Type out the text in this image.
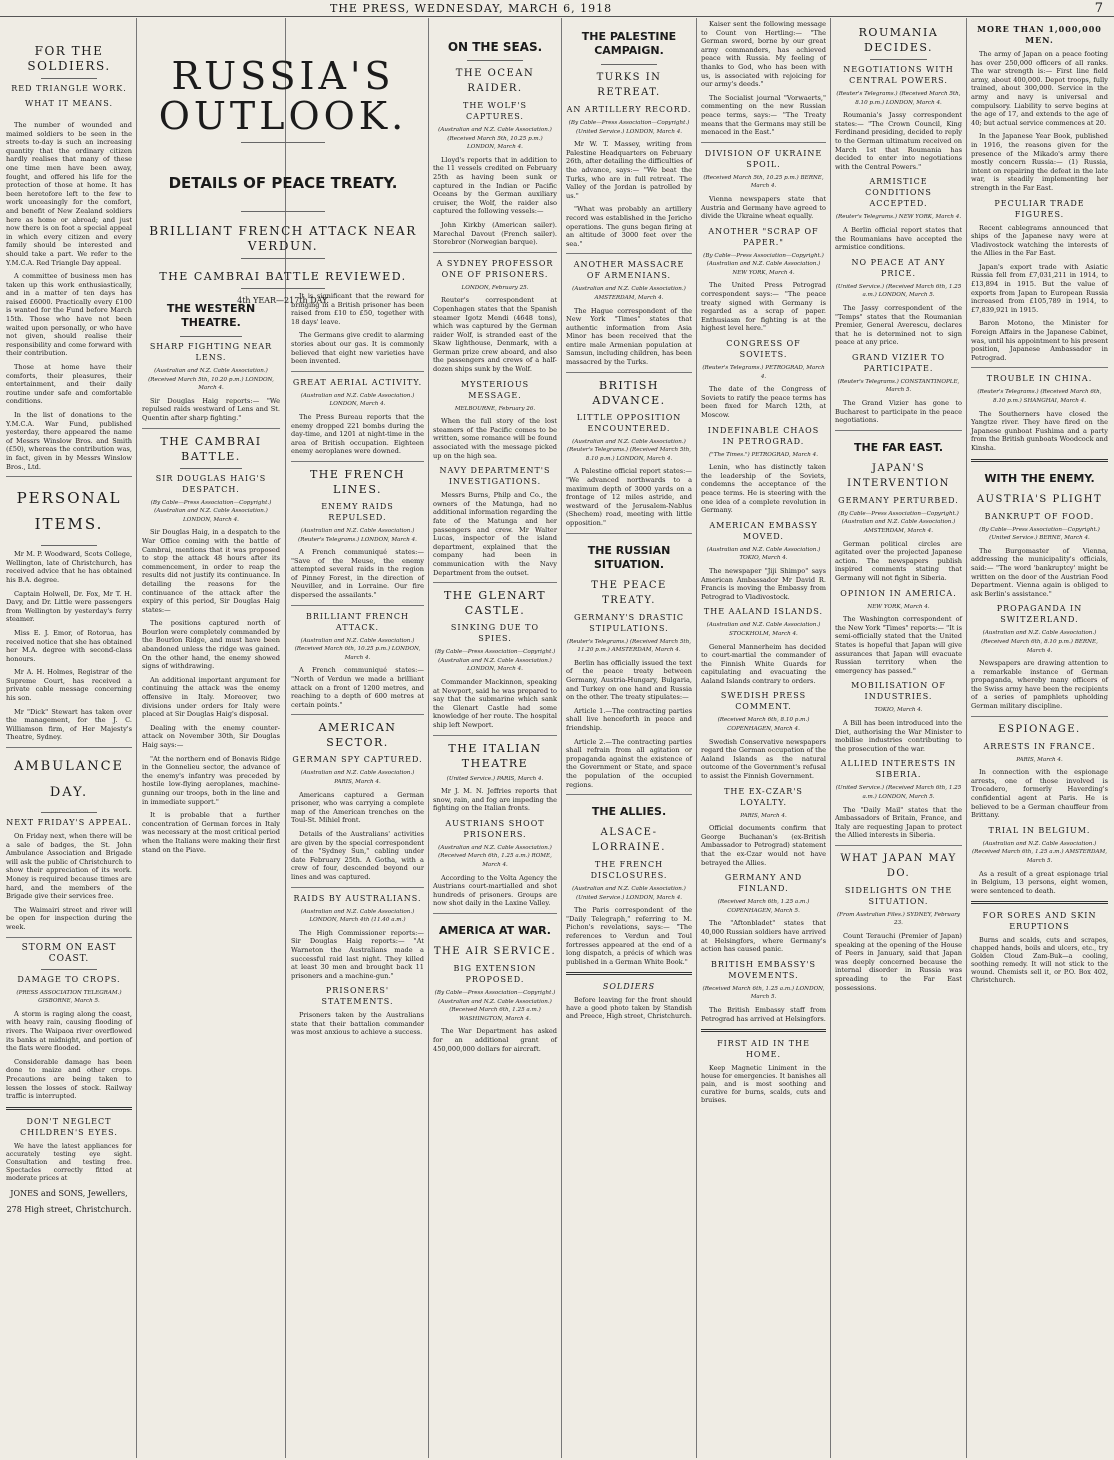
THE PRESS, WEDNESDAY, MARCH 6, 1918	7
FOR THE SOLDIERS.
RED TRIANGLE WORK.
WHAT IT MEANS.

The number of wounded and maimed soldiers to be seen in the streets to-day is such an increasing quantity that the ordinary citizen hardly realises that many of these one time men have been away, fought, and offered his life for the protection of those at home. It has been heretofore left to the few to work unceasingly for the comfort, and benefit of New Zealand soldiers here as home or abroad; and just now there is on foot a special appeal in which every citizen and every family should be interested and should take a part. We refer to the Y.M.C.A. Red Triangle Day appeal.

A committee of business men has taken up this work enthusiastically, and in a matter of ten days has raised £6000. Practically every £100 is wanted for the Fund before March 15th. Those who have not been waited upon personally, or who have not given, should realise their responsibility and come forward with their contribution.

Those at home have their comforts, their pleasures, their entertainment, and their daily routine under safe and comfortable conditions.

In the list of donations to the Y.M.C.A. War Fund, published yesterday, there appeared the name of Messrs Winslow Bros. and Smith (£50), whereas the contribution was, in fact, given in by Messrs Winslow Bros., Ltd.

PERSONAL ITEMS.

Mr M. P. Woodward, Scots College, Wellington, late of Christchurch, has received advice that he has obtained his B.A. degree.

Captain Holwell, Dr. Fox, Mr T. H. Davy, and Dr. Little were passengers from Wellington by yesterday's ferry steamer.

Miss E. J. Emor, of Rotorua, has received notice that she has obtained her M.A. degree with second-class honours.

Mr A. H. Holmes, Registrar of the Supreme Court, has received a private cable message concerning his son.

Mr "Dick" Stewart has taken over the management, for the J. C. Williamson firm, of Her Majesty's Theatre, Sydney.

AMBULANCE DAY.
NEXT FRIDAY'S APPEAL.

On Friday next, when there will be a sale of badges, the St. John Ambulance Association and Brigade will ask the public of Christchurch to show their appreciation of its work. Money is required because times are hard, and the members of the Brigade give their services free.

The Waimairi street and river will be open for inspection during the week.

STORM ON EAST COAST.
DAMAGE TO CROPS.
(PRESS ASSOCIATION TELEGRAM.) GISBORNE, March 5.

A storm is raging along the coast, with heavy rain, causing flooding of rivers. The Waipaoa river overflowed its banks at midnight, and portion of the flats were flooded.

Considerable damage has been done to maize and other crops. Precautions are being taken to lessen the losses of stock. Railway traffic is interrupted.

DON'T NEGLECT CHILDREN'S EYES.

We have the latest appliances for accurately testing eye sight. Consultation and testing free. Spectacles correctly fitted at moderate prices at

JONES and SONS, Jewellers,
278 High street, Christchurch.
RUSSIA'S OUTLOOK.
DETAILS OF PEACE TREATY.
BRILLIANT FRENCH ATTACK NEAR VERDUN.
THE CAMBRAI BATTLE REVIEWED.
4th YEAR—217th DAY.
THE WESTERN THEATRE.
SHARP FIGHTING NEAR LENS.
(Australian and N.Z. Cable Association.) (Received March 5th, 10.20 p.m.) LONDON, March 4.

Sir Douglas Haig reports:— "We repulsed raids westward of Lens and St. Quentin after sharp fighting."

THE CAMBRAI BATTLE.
SIR DOUGLAS HAIG'S DESPATCH.
(By Cable—Press Association—Copyright.) (Australian and N.Z. Cable Association.) LONDON, March 4.

Sir Douglas Haig, in a despatch to the War Office coming with the battle of Cambrai, mentions that it was proposed to stop the attack 48 hours after its commencement, in order to reap the results did not justify its continuance. In detailing the reasons for the continuance of the attack after the expiry of this period, Sir Douglas Haig states:—

The positions captured north of Bourlon were completely commanded by the Bourlon Ridge, and must have been abandoned unless the ridge was gained. On the other hand, the enemy showed signs of withdrawing.

An additional important argument for continuing the attack was the enemy offensive in Italy. Moreover, two divisions under orders for Italy were placed at Sir Douglas Haig's disposal.

Dealing with the enemy counter-attack on November 30th, Sir Douglas Haig says:—

"At the northern end of Bonavis Ridge in the Gonnelieu sector, the advance of the enemy's infantry was preceded by hostile low-flying aeroplanes, machine-gunning our troops, both in the line and in immediate support."

It is probable that a further concentration of German forces in Italy was necessary at the most critical period when the Italians were making their first stand on the Piave.

It is significant that the reward for bringing in a British prisoner has been raised from £10 to £50, together with 18 days' leave.

The Germans give credit to alarming stories about our gas. It is commonly believed that eight new varieties have been invented.

GREAT AERIAL ACTIVITY.
(Australian and N.Z. Cable Association.) LONDON, March 4.

The Press Bureau reports that the enemy dropped 221 bombs during the day-time, and 1201 at night-time in the area of British occupation. Eighteen enemy aeroplanes were downed.

THE FRENCH LINES.
ENEMY RAIDS REPULSED.
(Australian and N.Z. Cable Association.) (Reuter's Telegrams.) LONDON, March 4.

A French communiqué states:— "Save of the Meuse, the enemy attempted several raids in the region of Pinney Forest, in the direction of Neuviller, and in Lorraine. Our fire dispersed the assailants."

BRILLIANT FRENCH ATTACK.
(Australian and N.Z. Cable Association.) (Received March 6th, 10.25 p.m.) LONDON, March 4.

A French communiqué states:— "North of Verdun we made a brilliant attack on a front of 1200 metres, and reaching to a depth of 600 metres at certain points."

AMERICAN SECTOR.
GERMAN SPY CAPTURED.
(Australian and N.Z. Cable Association.) PARIS, March 4.

Americans captured a German prisoner, who was carrying a complete map of the American trenches on the Toul-St. Mihiel front.

Details of the Australians' activities are given by the special correspondent of the "Sydney Sun," cabling under date February 25th. A Gotha, with a crew of four, descended beyond our lines and was captured.

RAIDS BY AUSTRALIANS.
(Australian and N.Z. Cable Association.) LONDON, March 4th (11.40 a.m.)

The High Commissioner reports:— Sir Douglas Haig reports:— "At Warneton the Australians made a successful raid last night. They killed at least 30 men and brought back 11 prisoners and a machine-gun."

PRISONERS' STATEMENTS.

Prisoners taken by the Australians state that their battalion commander was most anxious to achieve a success.

ON THE SEAS.
THE OCEAN RAIDER.
THE WOLF'S CAPTURES.
(Australian and N.Z. Cable Association.) (Received March 5th, 10.25 p.m.) LONDON, March 4.

Lloyd's reports that in addition to the 11 vessels credited on February 25th as having been sunk or captured in the Indian or Pacific Oceans by the German auxiliary cruiser, the Wolf, the raider also captured the following vessels:—

John Kirkby (American sailer). Marechal Davout (French sailer). Storebror (Norwegian barque).

A SYDNEY PROFESSOR ONE OF PRISONERS.
LONDON, February 25.

Reuter's correspondent at Copenhagen states that the Spanish steamer Igotz Mendi (4648 tons), which was captured by the German raider Wolf, is stranded east of the Skaw lighthouse, Denmark, with a German prize crew aboard, and also the passengers and crews of a half-dozen ships sunk by the Wolf.

MYSTERIOUS MESSAGE.
MELBOURNE, February 26.

When the full story of the lost steamers of the Pacific comes to be written, some romance will be found associated with the message picked up on the high sea.

NAVY DEPARTMENT'S INVESTIGATIONS.

Messrs Burns, Philp and Co., the owners of the Matunga, had no additional information regarding the fate of the Matunga and her passengers and crew. Mr Walter Lucas, inspector of the island department, explained that the company had been in communication with the Navy Department from the outset.

THE GLENART CASTLE.
SINKING DUE TO SPIES.
(By Cable—Press Association—Copyright.) (Australian and N.Z. Cable Association.) LONDON, March 4.

Commander Mackinnon, speaking at Newport, said he was prepared to say that the submarine which sank the Glenart Castle had some knowledge of her route. The hospital ship left Newport.

THE ITALIAN THEATRE
(United Service.) PARIS, March 4.

Mr J. M. N. Jeffries reports that snow, rain, and fog are impeding the fighting on the Italian fronts.

AUSTRIANS SHOOT PRISONERS.
(Australian and N.Z. Cable Association.) (Received March 6th, 1.25 a.m.) ROME, March 4.

According to the Volta Agency the Austrians court-martialled and shot hundreds of prisoners. Groups are now shot daily in the Laxine Valley.

AMERICA AT WAR.
THE AIR SERVICE.
BIG EXTENSION PROPOSED.
(By Cable—Press Association—Copyright.) (Australian and N.Z. Cable Association.) (Received March 6th, 1.25 a.m.) WASHINGTON, March 4.

The War Department has asked for an additional grant of 450,000,000 dollars for aircraft.

THE PALESTINE CAMPAIGN.
TURKS IN RETREAT.
AN ARTILLERY RECORD.
(By Cable—Press Association—Copyright.) (United Service.) LONDON, March 4.

Mr W. T. Massey, writing from Palestine Headquarters on February 26th, after detailing the difficulties of the advance, says:— "We beat the Turks, who are in full retreat. The Valley of the Jordan is patrolled by us."

"What was probably an artillery record was established in the Jericho operations. The guns began firing at an altitude of 3000 feet over the sea."

ANOTHER MASSACRE OF ARMENIANS.
(Australian and N.Z. Cable Association.) AMSTERDAM, March 4.

The Hague correspondent of the New York "Times" states that authentic information from Asia Minor has been received that the entire male Armenian population at Samsun, including children, has been massacred by the Turks.

BRITISH ADVANCE.
LITTLE OPPOSITION ENCOUNTERED.
(Australian and N.Z. Cable Association.) (Reuter's Telegrams.) (Received March 5th, 8.10 p.m.) LONDON, March 4.

A Palestine official report states:— "We advanced northwards to a maximum depth of 3000 yards on a frontage of 12 miles astride, and westward of the Jerusalem-Nablus (Shechem) road, meeting with little opposition."

THE RUSSIAN SITUATION.
THE PEACE TREATY.
GERMANY'S DRASTIC STIPULATIONS.
(Reuter's Telegrams.) (Received March 5th, 11.20 p.m.) AMSTERDAM, March 4.

Berlin has officially issued the text of the peace treaty between Germany, Austria-Hungary, Bulgaria, and Turkey on one hand and Russia on the other. The treaty stipulates:—

Article 1.—The contracting parties shall live henceforth in peace and friendship.

Article 2.—The contracting parties shall refrain from all agitation or propaganda against the existence of the Government or State, and space the population of the occupied regions.

THE ALLIES.
ALSACE-LORRAINE.
THE FRENCH DISCLOSURES.
(Australian and N.Z. Cable Association.) (United Service.) LONDON, March 4.

The Paris correspondent of the "Daily Telegraph," referring to M. Pichon's revelations, says:— "The references to Verdun and Toul fortresses appeared at the end of a long dispatch, a précis of which was published in a German White Book."

SOLDIERS

Before leaving for the front should have a good photo taken by Standish and Preece, High street, Christchurch.

Kaiser sent the following message to Count von Hertling:— "The German sword, borne by our great army commanders, has achieved peace with Russia. My feeling of thanks to God, who has been with us, is associated with rejoicing for our army's deeds."

The Socialist journal "Vorwaerts," commenting on the new Russian peace terms, says:— "The Treaty means that the Germans may still be menaced in the East."

DIVISION OF UKRAINE SPOIL.
(Received March 5th, 10.25 p.m.) BERNE, March 4.

Vienna newspapers state that Austria and Germany have agreed to divide the Ukraine wheat equally.

ANOTHER "SCRAP OF PAPER."
(By Cable—Press Association—Copyright.) (Australian and N.Z. Cable Association.) NEW YORK, March 4.

The United Press Petrograd correspondent says:— "The peace treaty signed with Germany is regarded as a scrap of paper. Enthusiasm for fighting is at the highest level here."

CONGRESS OF SOVIETS.
(Reuter's Telegrams.) PETROGRAD, March 4.

The date of the Congress of Soviets to ratify the peace terms has been fixed for March 12th, at Moscow.

INDEFINABLE CHAOS IN PETROGRAD.
("The Times.") PETROGRAD, March 4.

Lenin, who has distinctly taken the leadership of the Soviets, condemns the acceptance of the peace terms. He is steering with the one idea of a complete revolution in Germany.

AMERICAN EMBASSY MOVED.
(Australian and N.Z. Cable Association.) TOKIO, March 4.

The newspaper "Jiji Shimpo" says American Ambassador Mr David R. Francis is moving the Embassy from Petrograd to Vladivostock.

THE AALAND ISLANDS.
(Australian and N.Z. Cable Association.) STOCKHOLM, March 4.

General Mannerheim has decided to court-martial the commander of the Finnish White Guards for capitulating and evacuating the Aaland Islands contrary to orders.

SWEDISH PRESS COMMENT.
(Received March 6th, 8.10 p.m.) COPENHAGEN, March 4.

Swedish Conservative newspapers regard the German occupation of the Aaland Islands as the natural outcome of the Government's refusal to assist the Finnish Government.

THE EX-CZAR'S LOYALTY.
PARIS, March 4.

Official documents confirm that George Buchanan's (ex-British Ambassador to Petrograd) statement that the ex-Czar would not have betrayed the Allies.

GERMANY AND FINLAND.
(Received March 6th, 1.25 a.m.) COPENHAGEN, March 5.

The "Aftonbladet" states that 40,000 Russian soldiers have arrived at Helsingfors, where Germany's action has caused panic.

BRITISH EMBASSY'S MOVEMENTS.
(Received March 6th, 1.25 a.m.) LONDON, March 5.

The British Embassy staff from Petrograd has arrived at Helsingfors.

FIRST AID IN THE HOME.

Keep Magnetic Liniment in the house for emergencies. It banishes all pain, and is most soothing and curative for burns, scalds, cuts and bruises.

ROUMANIA DECIDES.
NEGOTIATIONS WITH CENTRAL POWERS.
(Reuter's Telegrams.) (Received March 5th, 8.10 p.m.) LONDON, March 4.

Roumania's Jassy correspondent states:— "The Crown Council, King Ferdinand presiding, decided to reply to the German ultimatum received on March 1st that Roumania has decided to enter into negotiations with the Central Powers."

ARMISTICE CONDITIONS ACCEPTED.
(Reuter's Telegrams.) NEW YORK, March 4.

A Berlin official report states that the Roumanians have accepted the armistice conditions.

NO PEACE AT ANY PRICE.
(United Service.) (Received March 6th, 1.25 a.m.) LONDON, March 5.

The Jassy correspondent of the "Temps" states that the Roumanian Premier, General Averescu, declares that he is determined not to sign peace at any price.

GRAND VIZIER TO PARTICIPATE.
(Reuter's Telegrams.) CONSTANTINOPLE, March 5.

The Grand Vizier has gone to Bucharest to participate in the peace negotiations.

THE FAR EAST.
JAPAN'S INTERVENTION
GERMANY PERTURBED.
(By Cable—Press Association—Copyright.) (Australian and N.Z. Cable Association.) AMSTERDAM, March 4.

German political circles are agitated over the projected Japanese action. The newspapers publish inspired comments stating that Germany will not fight in Siberia.

OPINION IN AMERICA.
NEW YORK, March 4.

The Washington correspondent of the New York "Times" reports:— "It is semi-officially stated that the United States is hopeful that Japan will give assurances that Japan will evacuate Russian territory when the emergency has passed."

MOBILISATION OF INDUSTRIES.
TOKIO, March 4.

A Bill has been introduced into the Diet, authorising the War Minister to mobilise industries contributing to the prosecution of the war.

ALLIED INTERESTS IN SIBERIA.
(United Service.) (Received March 6th, 1.25 a.m.) LONDON, March 5.

The "Daily Mail" states that the Ambassadors of Britain, France, and Italy are requesting Japan to protect the Allied interests in Siberia.

WHAT JAPAN MAY DO.
SIDELIGHTS ON THE SITUATION.
(From Australian Files.) SYDNEY, February 23.

Count Terauchi (Premier of Japan) speaking at the opening of the House of Peers in January, said that Japan was deeply concerned because the internal disorder in Russia was spreading to the Far East possessions.

MORE THAN 1,000,000 MEN.

The army of Japan on a peace footing has over 250,000 officers of all ranks. The war strength is:— First line field army, about 400,000. Depot troops, fully trained, about 300,000. Service in the army and navy is universal and compulsory. Liability to serve begins at the age of 17, and extends to the age of 40; but actual service commences at 20.

In the Japanese Year Book, published in 1916, the reasons given for the presence of the Mikado's army there mostly concern Russia:— (1) Russia, intent on repairing the defeat in the late war, is steadily implementing her strength in the Far East.

PECULIAR TRADE FIGURES.

Recent cablegrams announced that ships of the Japanese navy were at Vladivostock watching the interests of the Allies in the Far East.

Japan's export trade with Asiatic Russia fell from £7,031,211 in 1914, to £13,894 in 1915. But the value of exports from Japan to European Russia increased from £105,789 in 1914, to £7,839,921 in 1915.

Baron Motono, the Minister for Foreign Affairs in the Japanese Cabinet, was, until his appointment to his present position, Japanese Ambassador in Petrograd.

TROUBLE IN CHINA.
(Reuter's Telegrams.) (Received March 6th, 8.10 p.m.) SHANGHAI, March 4.

The Southerners have closed the Yangtze river. They have fired on the Japanese gunboat Fushima and a party from the British gunboats Woodcock and Kinsha.

WITH THE ENEMY.
AUSTRIA'S PLIGHT
BANKRUPT OF FOOD.
(By Cable—Press Association—Copyright.) (United Service.) BERNE, March 4.

The Burgomaster of Vienna, addressing the municipality's officials, said:— "The word 'bankruptcy' might be written on the door of the Austrian Food Department. Vienna again is obliged to ask Berlin's assistance."

PROPAGANDA IN SWITZERLAND.
(Australian and N.Z. Cable Association.) (Received March 6th, 8.10 p.m.) BERNE, March 4.

Newspapers are drawing attention to a remarkable instance of German propaganda, whereby many officers of the Swiss army have been the recipients of a series of pamphlets upholding German military discipline.

ESPIONAGE.
ARRESTS IN FRANCE.
PARIS, March 4.

In connection with the espionage arrests, one of those involved is Trocadero, formerly Haverding's confidential agent at Paris. He is believed to be a German chauffeur from Brittany.

TRIAL IN BELGIUM.
(Australian and N.Z. Cable Association.) (Received March 6th, 1.25 a.m.) AMSTERDAM, March 5.

As a result of a great espionage trial in Belgium, 13 persons, eight women, were sentenced to death.

FOR SORES AND SKIN ERUPTIONS

Burns and scalds, cuts and scrapes, chapped hands, boils and ulcers, etc., try Golden Cloud Zam-Buk—a cooling, soothing remedy. It will not stick to the wound. Chemists sell it, or P.O. Box 402, Christchurch.
